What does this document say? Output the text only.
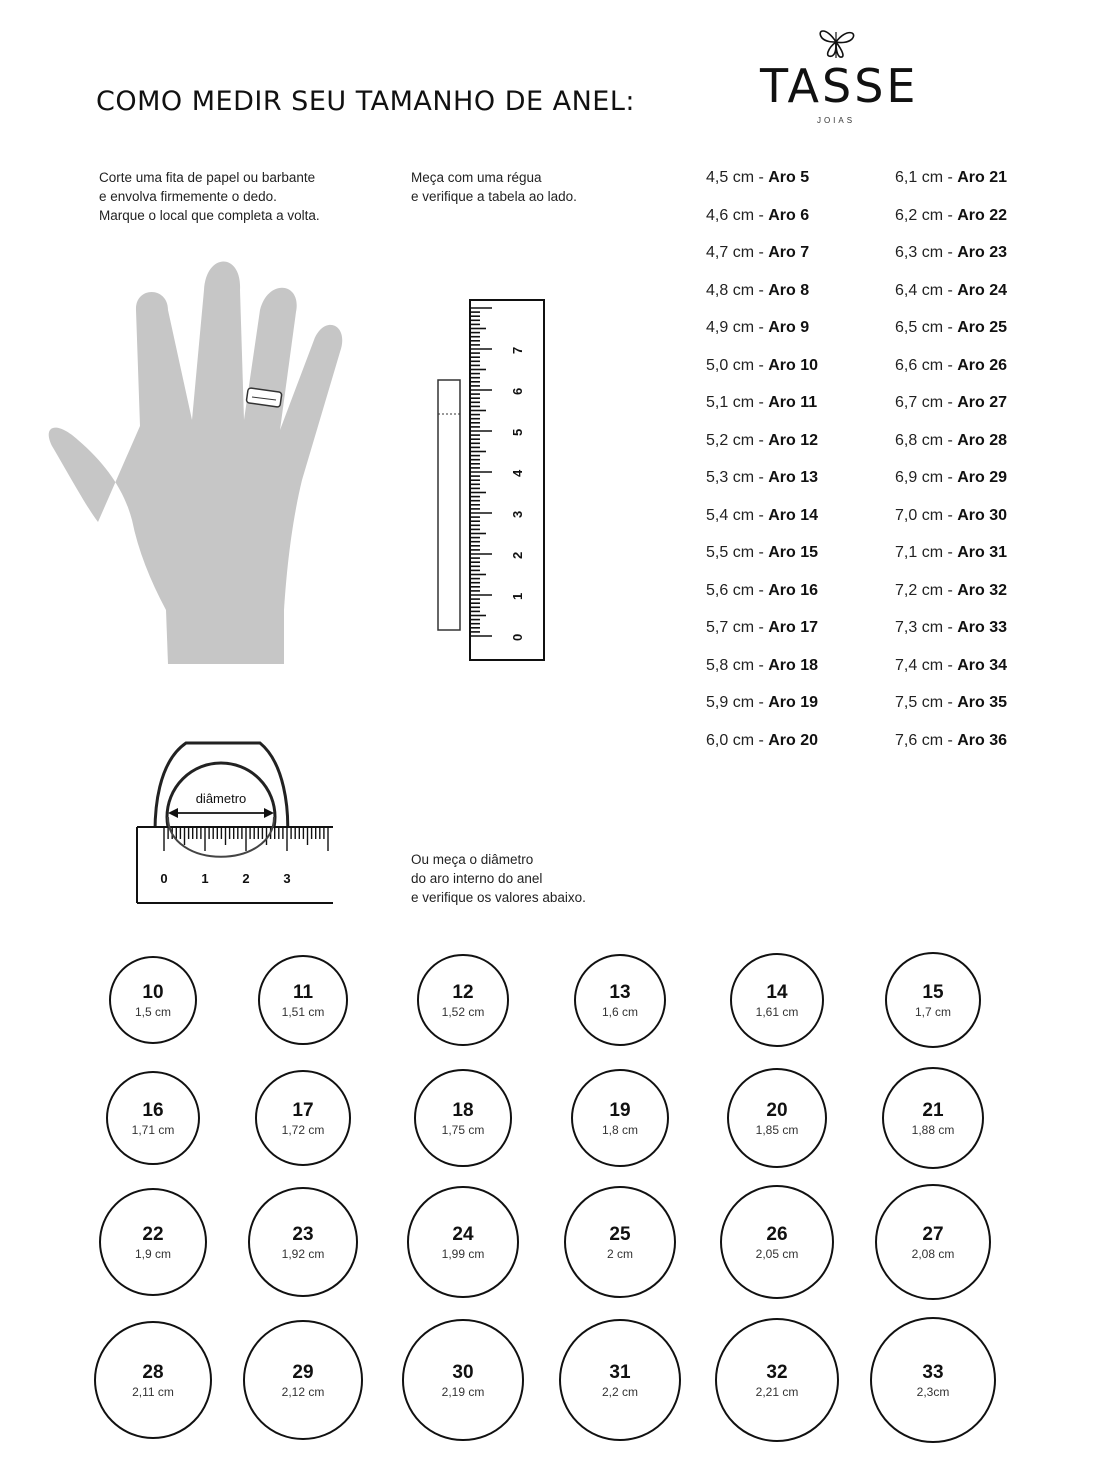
COMO MEDIR SEU TAMANHO DE ANEL:	TASSE
JOIAS
Corte uma fita de papel ou barbante
e envolva firmemente o dedo.
Marque o local que completa a volta.
Meça com uma régua
e verifique a tabela ao lado.
Ou meça o diâmetro
do aro interno do anel
e verifique os valores abaixo.
7
6
5
4
3
2
1
0
diâmetro
0	1	2	3
4,5 cm - Aro 5
4,6 cm - Aro 6
4,7 cm - Aro 7
4,8 cm - Aro 8
4,9 cm - Aro 9
5,0 cm - Aro 10
5,1 cm - Aro 11
5,2 cm - Aro 12
5,3 cm - Aro 13
5,4 cm - Aro 14
5,5 cm - Aro 15
5,6 cm - Aro 16
5,7 cm - Aro 17
5,8 cm - Aro 18
5,9 cm - Aro 19
6,0 cm - Aro 20
6,1 cm - Aro 21
6,2 cm - Aro 22
6,3 cm - Aro 23
6,4 cm - Aro 24
6,5 cm - Aro 25
6,6 cm - Aro 26
6,7 cm - Aro 27
6,8 cm - Aro 28
6,9 cm - Aro 29
7,0 cm - Aro 30
7,1 cm - Aro 31
7,2 cm - Aro 32
7,3 cm - Aro 33
7,4 cm - Aro 34
7,5 cm - Aro 35
7,6 cm - Aro 36
10
1,5 cm
11
1,51 cm
12
1,52 cm
13
1,6 cm
14
1,61 cm
15
1,7 cm
16
1,71 cm
17
1,72 cm
18
1,75 cm
19
1,8 cm
20
1,85 cm
21
1,88 cm
22
1,9 cm
23
1,92 cm
24
1,99 cm
25
2 cm
26
2,05 cm
27
2,08 cm
28
2,11 cm
29
2,12 cm
30
2,19 cm
31
2,2 cm
32
2,21 cm
33
2,3cm
